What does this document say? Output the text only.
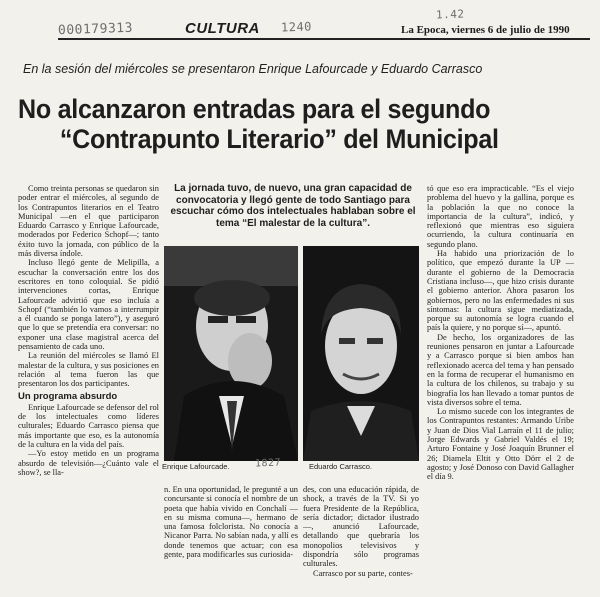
000179313	CULTURA 1240
1.42
La Epoca, viernes 6 de julio de 1990
En la sesión del miércoles se presentaron Enrique Lafourcade y Eduardo Carrasco
No alcanzaron entradas para el segundo
“Contrapunto Literario” del Municipal

Como treinta personas se quedaron sin poder entrar el miércoles, al segundo de los Contrapuntos literarios en el Teatro Municipal —en el que participaron Eduardo Carrasco y Enrique Lafourcade, moderados por Federico Schopf—; tanto éxito tuvo la jornada, con público de la más diversa índole.

Incluso llegó gente de Melipilla, a escuchar la conversación entre los dos escritores en tono coloquial. Se pidió intervenciones cortas, Enrique Lafourcade advirtió que eso incluía a Schopf (“también lo vamos a interrumpir a él cuando se ponga latero”), y aseguró que lo que se pretendía era conversar: no exponer una clase magistral acerca del pensamiento de cada uno.

La reunión del miércoles se llamó El malestar de la cultura, y sus posiciones en relación al tema fueron las que presentaron los dos participantes.

Un programa absurdo

Enrique Lafourcade se defensor del rol de los intelectuales como líderes culturales; Eduardo Carrasco piensa que más importante que eso, es la autonomía de la cultura en la vida del país.

—Yo estoy metido en un programa absurdo de televisión—¿Cuánto vale el show?, se lla-

La jornada tuvo, de nuevo, una gran capacidad de convocatoria y llegó gente de todo Santiago para escuchar cómo dos intelectuales hablaban sobre el tema “El malestar de la cultura”.
Enrique Lafourcade.	1827	Eduardo Carrasco.

n. En una oportunidad, le pregunté a un concursante si conocía el nombre de un poeta que había vivido en Conchalí —en su misma comuna—, hermano de una famosa folclorista. No conocía a Nicanor Parra. No sabían nada, y allí es donde tenemos que actuar; con esa gente, para modificarles sus curiosida-

des, con una educación rápida, de shock, a través de la TV. Si yo fuera Presidente de la República, sería dictador; dictador ilustrado—, anunció Lafourcade, detallando que quebraría los monopolios televisivos y dispondría sólo programas culturales.

Carrasco por su parte, contes-

tó que eso era impracticable. “Es el viejo problema del huevo y la gallina, porque es la población la que no conoce la importancia de la cultura”, indicó, y reflexionó que mientras eso siguiera ocurriendo, la cultura continuaría en segundo plano.

Ha habido una priorización de lo político, que empezó durante la UP —durante el gobierno de la Democracia Cristiana incluso—, que hizo crisis durante el gobierno anterior. Ahora pasaron los gobiernos, pero no las enfermedades ni sus síntomas: la cultura sigue mediatizada, porque su autonomía se logra cuando el país la quiere, y no porque sí—, apuntó.

De hecho, los organizadores de las reuniones pensaron en juntar a Lafourcade y a Carrasco porque si bien ambos han reflexionado acerca del tema y han pensado en la forma de recuperar el humanismo en la cultura de los chilenos, su trabajo y su biografía los han llevado a tomar puntos de vista diversos sobre el tema.

Lo mismo sucede con los integrantes de los Contrapuntos restantes: Armando Uribe y Juan de Dios Vial Larraín el 11 de julio; Jorge Edwards y Gabriel Valdés el 19; Arturo Fontaine y José Joaquín Brunner el 26; Diamela Eltit y Otto Dörr el 2 de agosto; y José Donoso con David Gallagher el día 9.
